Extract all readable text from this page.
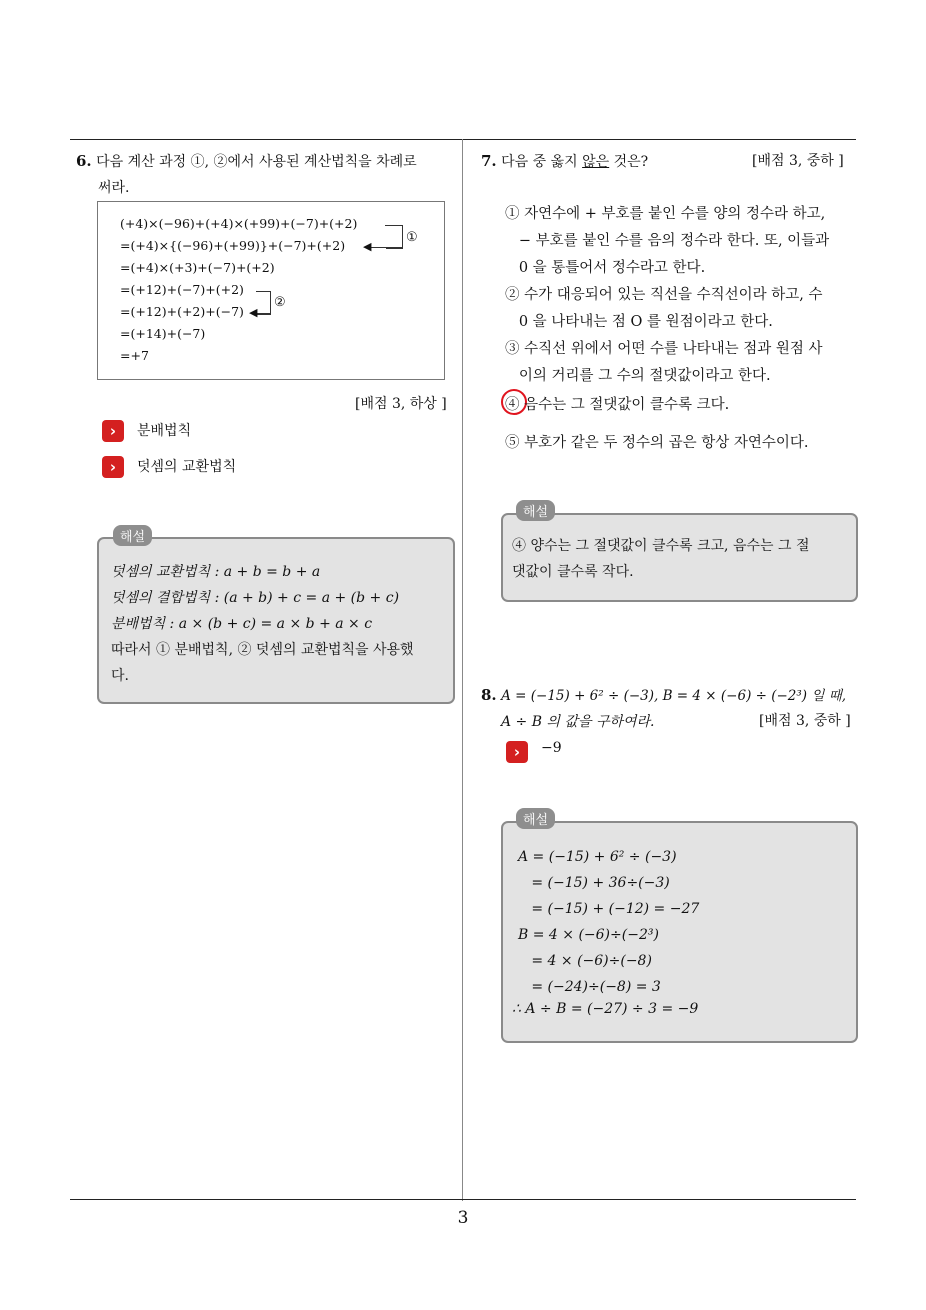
3
6. 다음 계산 과정 ①, ②에서 사용된 계산법칙을 차례로
써라.
(+4)×(−96)+(+4)×(+99)+(−7)+(+2)
=(+4)×{(−96)+(+99)}+(−7)+(+2)
=(+4)×(+3)+(−7)+(+2)
=(+12)+(−7)+(+2)
=(+12)+(+2)+(−7)
=(+14)+(−7)
=+7
◀
①
◀
②
[배점 3, 하상 ]
›	분배법칙
›	덧셈의 교환법칙
덧셈의 교환법칙 : a + b = b + a
덧셈의 결합법칙 : (a + b) + c = a + (b + c)
분배법칙 : a × (b + c) = a × b + a × c
따라서 ① 분배법칙, ② 덧셈의 교환법칙을 사용했
다.
해설
7. 다음 중 옳지 않은 것은?	[배점 3, 중하 ]
① 자연수에 + 부호를 붙인 수를 양의 정수라 하고,
− 부호를 붙인 수를 음의 정수라 한다. 또, 이들과
0 을 통틀어서 정수라고 한다.
② 수가 대응되어 있는 직선을 수직선이라 하고, 수
0 을 나타내는 점 O 를 원점이라고 한다.
③ 수직선 위에서 어떤 수를 나타내는 점과 원점 사
이의 거리를 그 수의 절댓값이라고 한다.
④ 음수는 그 절댓값이 클수록 크다.
⑤ 부호가 같은 두 정수의 곱은 항상 자연수이다.
④ 양수는 그 절댓값이 클수록 크고, 음수는 그 절
댓값이 클수록 작다.
해설
8. A = (−15) + 6² ÷ (−3), B = 4 × (−6) ÷ (−2³) 일 때,
A ÷ B 의 값을 구하여라.	[배점 3, 중하 ]
›	−9
A = (−15) + 6² ÷ (−3)
= (−15) + 36÷(−3)
= (−15) + (−12) = −27
B = 4 × (−6)÷(−2³)
= 4 × (−6)÷(−8)
= (−24)÷(−8) = 3
∴ A ÷ B = (−27) ÷ 3 = −9
해설
